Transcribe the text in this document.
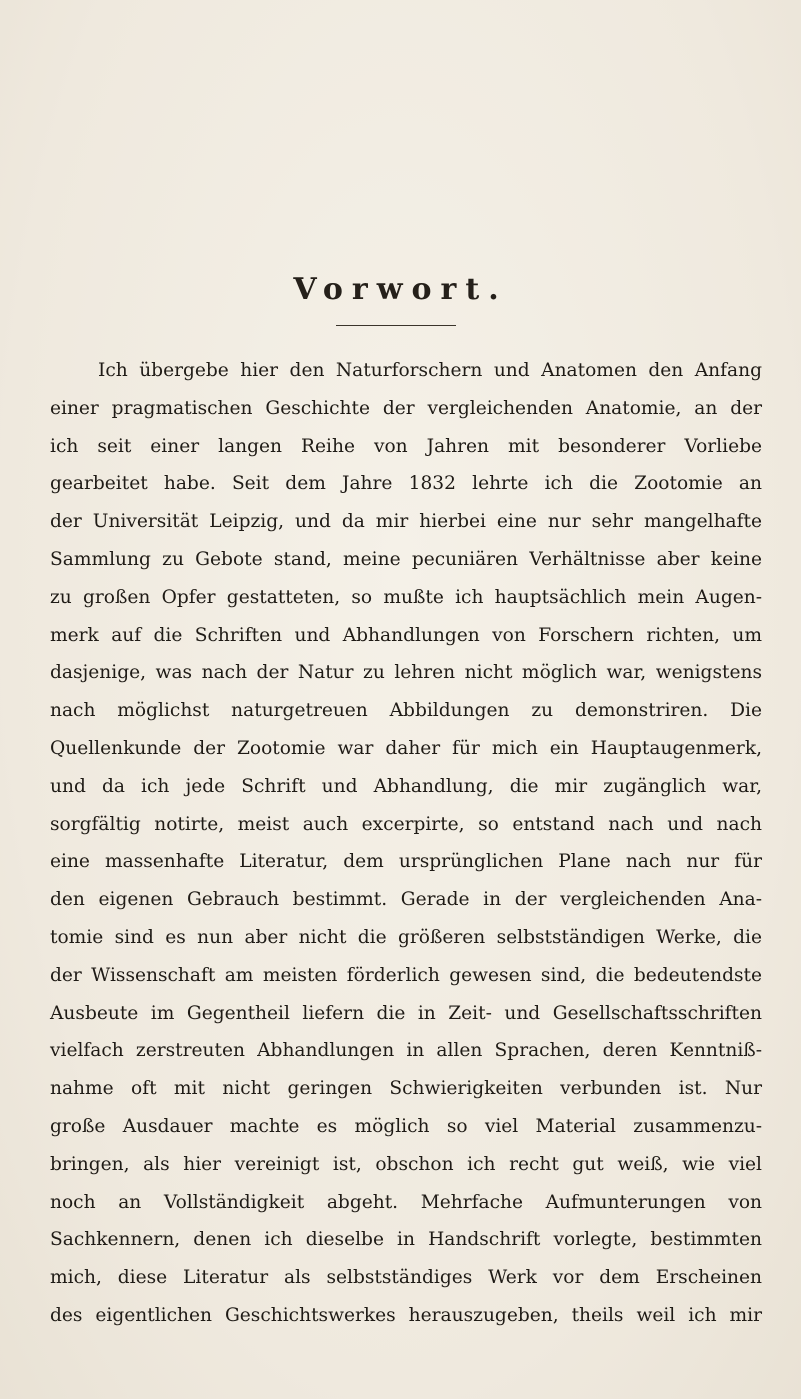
Vorwort.
Ich übergebe hier den Naturforschern und Anatomen den Anfang
einer pragmatischen Geschichte der vergleichenden Anatomie, an der
ich seit einer langen Reihe von Jahren mit besonderer Vorliebe
gearbeitet habe. Seit dem Jahre 1832 lehrte ich die Zootomie an
der Universität Leipzig, und da mir hierbei eine nur sehr mangelhafte
Sammlung zu Gebote stand, meine pecuniären Verhältnisse aber keine
zu großen Opfer gestatteten, so mußte ich hauptsächlich mein Augen-
merk auf die Schriften und Abhandlungen von Forschern richten, um
dasjenige, was nach der Natur zu lehren nicht möglich war, wenigstens
nach möglichst naturgetreuen Abbildungen zu demonstriren. Die
Quellenkunde der Zootomie war daher für mich ein Hauptaugenmerk,
und da ich jede Schrift und Abhandlung, die mir zugänglich war,
sorgfältig notirte, meist auch excerpirte, so entstand nach und nach
eine massenhafte Literatur, dem ursprünglichen Plane nach nur für
den eigenen Gebrauch bestimmt. Gerade in der vergleichenden Ana-
tomie sind es nun aber nicht die größeren selbstständigen Werke, die
der Wissenschaft am meisten förderlich gewesen sind, die bedeutendste
Ausbeute im Gegentheil liefern die in Zeit- und Gesellschaftsschriften
vielfach zerstreuten Abhandlungen in allen Sprachen, deren Kenntniß-
nahme oft mit nicht geringen Schwierigkeiten verbunden ist. Nur
große Ausdauer machte es möglich so viel Material zusammenzu-
bringen, als hier vereinigt ist, obschon ich recht gut weiß, wie viel
noch an Vollständigkeit abgeht. Mehrfache Aufmunterungen von
Sachkennern, denen ich dieselbe in Handschrift vorlegte, bestimmten
mich, diese Literatur als selbstständiges Werk vor dem Erscheinen
des eigentlichen Geschichtswerkes herauszugeben, theils weil ich mir
